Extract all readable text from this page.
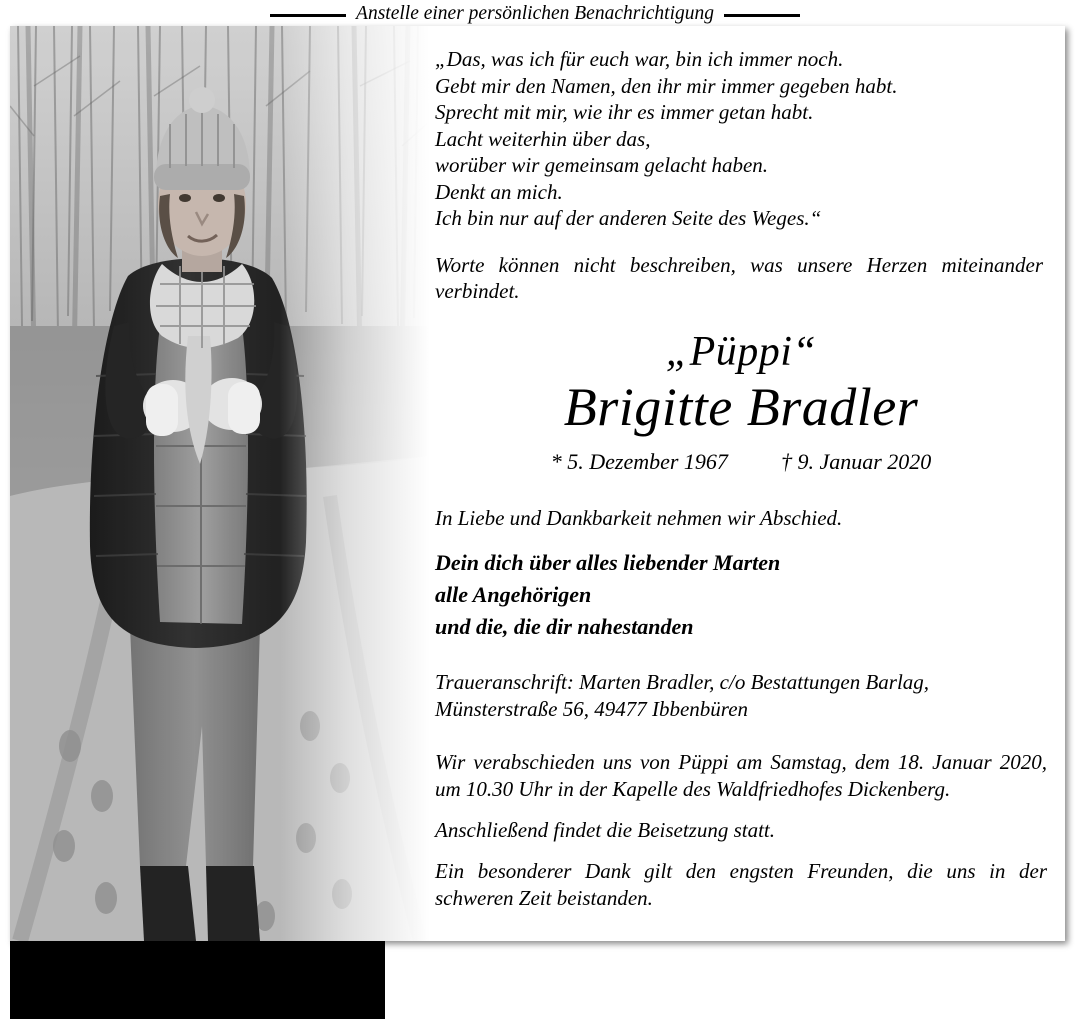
Anstelle einer persönlichen Benachrichtigung
„Das, was ich für euch war, bin ich immer noch.
Gebt mir den Namen, den ihr mir immer gegeben habt.
Sprecht mit mir, wie ihr es immer getan habt.
Lacht weiterhin über das,
worüber wir gemeinsam gelacht haben.
Denkt an mich.
Ich bin nur auf der anderen Seite des Weges.“
Worte können nicht beschreiben, was unsere Herzen miteinander verbindet.
„Püppi“
Brigitte Bradler
* 5. Dezember 1967 † 9. Januar 2020
In Liebe und Dankbarkeit nehmen wir Abschied.
Dein dich über alles liebender Marten
alle Angehörigen
und die, die dir nahestanden
Traueranschrift: Marten Bradler, c/o Bestattungen Barlag, Münsterstraße 56, 49477 Ibbenbüren
Wir verabschieden uns von Püppi am Samstag, dem 18. Januar 2020, um 10.30 Uhr in der Kapelle des Waldfriedhofes Dickenberg.
Anschließend findet die Beisetzung statt.
Ein besonderer Dank gilt den engsten Freunden, die uns in der schweren Zeit beistanden.
